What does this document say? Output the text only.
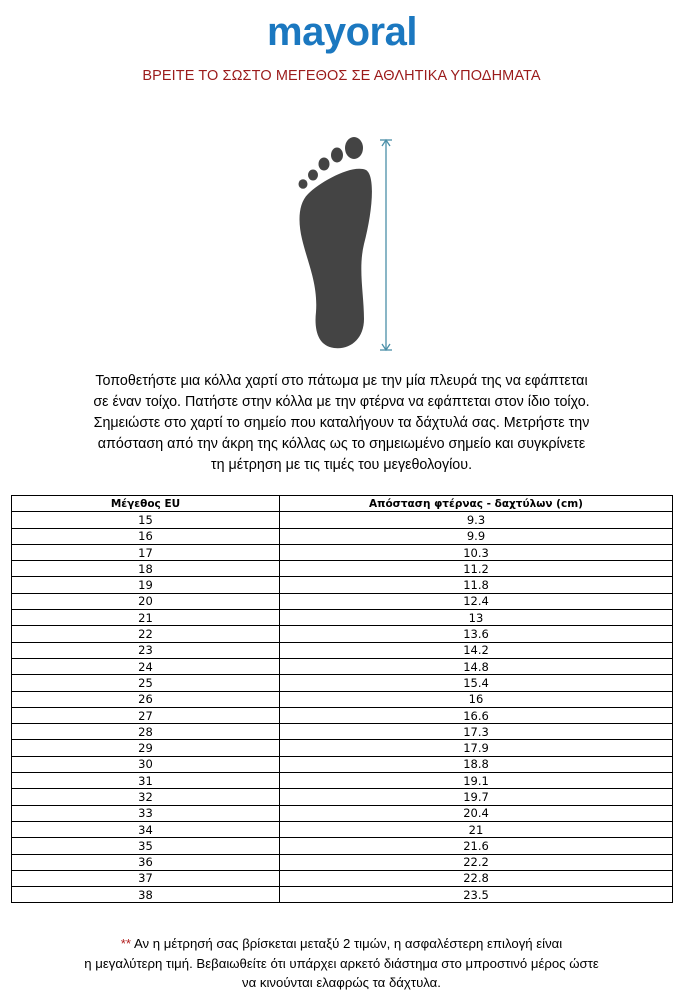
mayoral
ΒΡΕΙΤΕ ΤΟ ΣΩΣΤΟ ΜΕΓΕΘΟΣ ΣΕ ΑΘΛΗΤΙΚΑ ΥΠΟΔΗΜΑΤΑ
Τοποθετήστε μια κόλλα χαρτί στο πάτωμα με την μία πλευρά της να εφάπτεται
σε έναν τοίχο. Πατήστε στην κόλλα με την φτέρνα να εφάπτεται στον ίδιο τοίχο.
Σημειώστε στο χαρτί το σημείο που καταλήγουν τα δάχτυλά σας. Μετρήστε την
απόσταση από την άκρη της κόλλας ως το σημειωμένο σημείο και συγκρίνετε
τη μέτρηση με τις τιμές του μεγεθολογίου.
Μέγεθος EU	Απόσταση φτέρνας - δαχτύλων (cm)
15	9.3
16	9.9
17	10.3
18	11.2
19	11.8
20	12.4
21	13
22	13.6
23	14.2
24	14.8
25	15.4
26	16
27	16.6
28	17.3
29	17.9
30	18.8
31	19.1
32	19.7
33	20.4
34	21
35	21.6
36	22.2
37	22.8
38	23.5
** Αν η μέτρησή σας βρίσκεται μεταξύ 2 τιμών, η ασφαλέστερη επιλογή είναι
η μεγαλύτερη τιμή. Βεβαιωθείτε ότι υπάρχει αρκετό διάστημα στο μπροστινό μέρος ώστε
να κινούνται ελαφρώς τα δάχτυλα.
